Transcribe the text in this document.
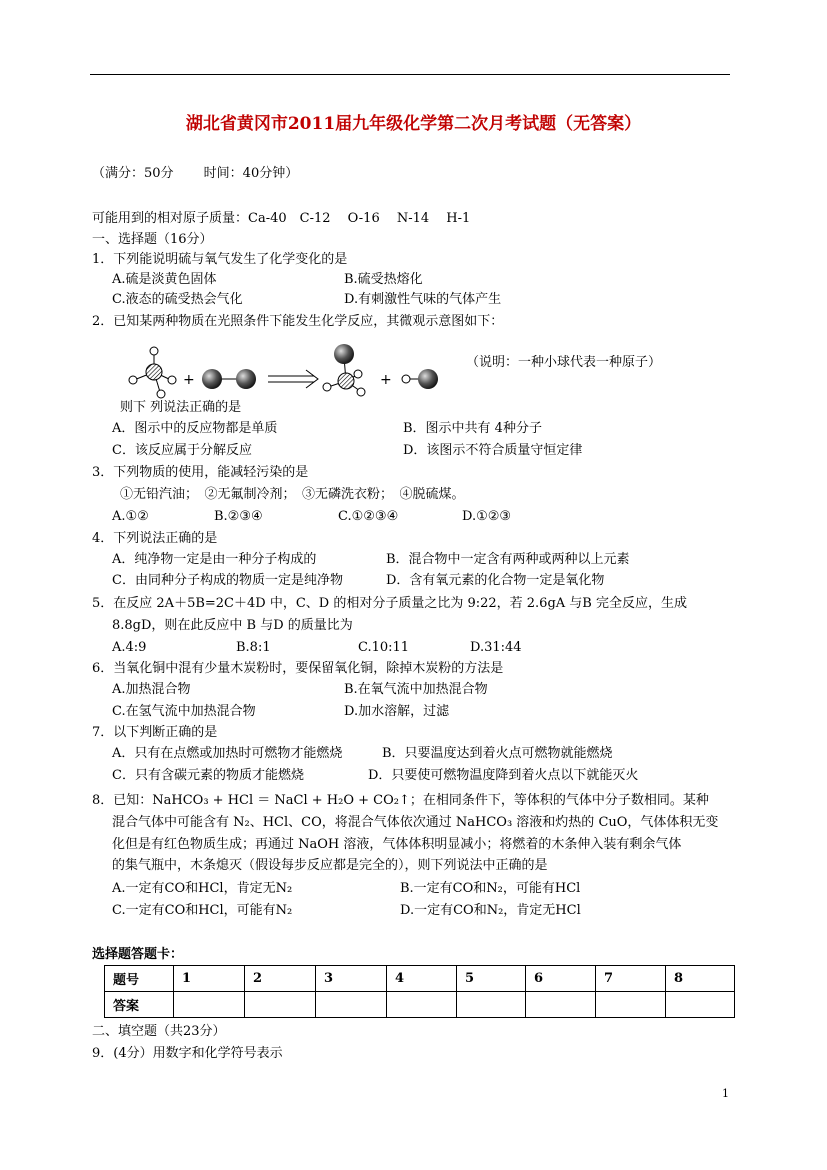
湖北省黄冈市2011届九年级化学第二次月考试题（无答案）
（满分：50分　　 时间：40分钟）
可能用到的相对原子质量：Ca-40　C-12　 O-16　 N-14　 H-1
一、选择题（16分）
1．下列能说明硫与氧气发生了化学变化的是
A.硫是淡黄色固体	B.硫受热熔化
C.液态的硫受热会气化	D.有刺激性气味的气体产生
2．已知某两种物质在光照条件下能发生化学反应，其微观示意图如下：
+	+
（说明：一种小球代表一种原子）
则下 列说法正确的是
A．图示中的反应物都是单质	B．图示中共有 4种分子
C．该反应属于分解反应	D．该图示不符合质量守恒定律
3．下列物质的使用，能减轻污染的是
①无铅汽油；　②无氟制冷剂；　③无磷洗衣粉；　④脱硫煤。
A.①②	B.②③④	C.①②③④	D.①②③
4．下列说法正确的是
A．纯净物一定是由一种分子构成的	B．混合物中一定含有两种或两种以上元素
C．由同种分子构成的物质一定是纯净物	D．含有氧元素的化合物一定是氧化物
5．在反应 2A＋5B=2C＋4D 中，C、D 的相对分子质量之比为 9:22，若 2.6gA 与B 完全反应，生成
8.8gD，则在此反应中 B 与D 的质量比为
A.4:9	B.8:1	C.10:11	D.31:44
6．当氧化铜中混有少量木炭粉时，要保留氧化铜，除掉木炭粉的方法是
A.加热混合物	B.在氧气流中加热混合物
C.在氢气流中加热混合物	D.加水溶解，过滤
7．以下判断正确的是
A．只有在点燃或加热时可燃物才能燃烧	B．只要温度达到着火点可燃物就能燃烧
C．只有含碳元素的物质才能燃烧	D．只要使可燃物温度降到着火点以下就能灭火
8．已知：NaHCO₃ + HCl ＝ NaCl + H₂O + CO₂↑；在相同条件下，等体积的气体中分子数相同。某种
混合气体中可能含有 N₂、HCl、CO，将混合气体依次通过 NaHCO₃ 溶液和灼热的 CuO，气体体积无变
化但是有红色物质生成；再通过 NaOH 溶液，气体体积明显减小；将燃着的木条伸入装有剩余气体
的集气瓶中，木条熄灭（假设每步反应都是完全的），则下列说法中正确的是
A.一定有CO和HCl，肯定无N₂	B.一定有CO和N₂，可能有HCl
C.一定有CO和HCl，可能有N₂	D.一定有CO和N₂，肯定无HCl
选择题答题卡：
题号	1	2	3	4	5	6	7	8
答案								
二、填空题（共23分）
9．(4分）用数字和化学符号表示
1
